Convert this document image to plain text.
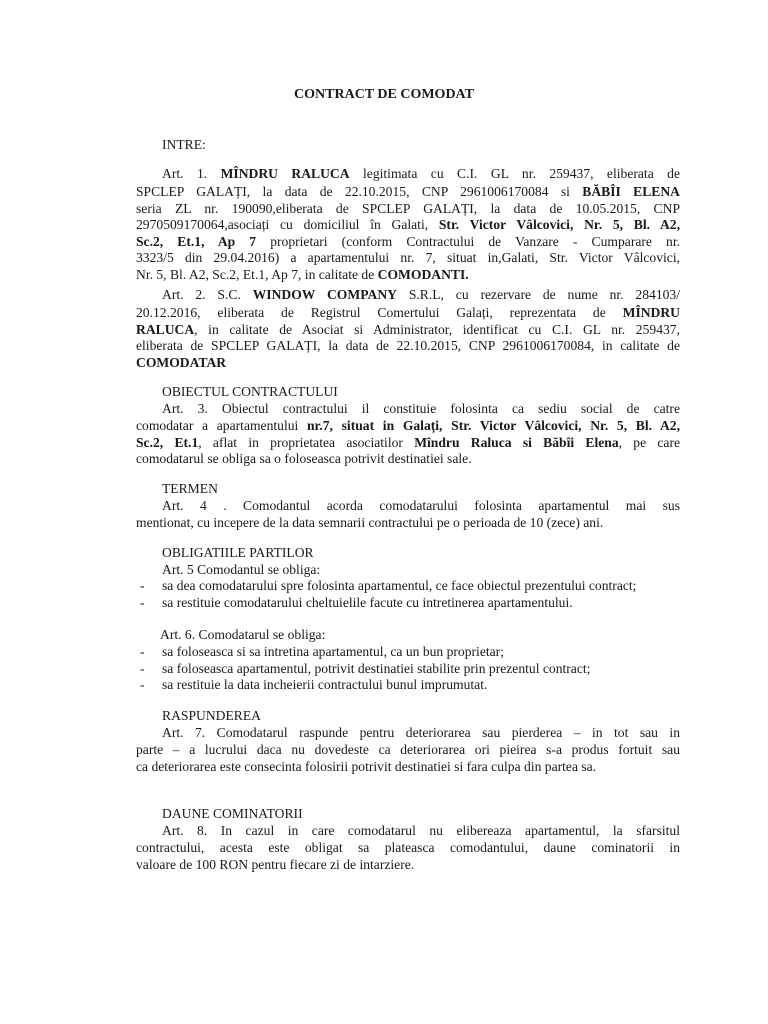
CONTRACT DE COMODAT
INTRE:
Art. 1. MÎNDRU RALUCA legitimata cu C.I. GL nr. 259437, eliberata de
SPCLEP GALAȚI, la data de 22.10.2015, CNP 2961006170084 si BĂBÎI ELENA
seria ZL nr. 190090,eliberata de SPCLEP GALAȚI, la data de 10.05.2015, CNP
2970509170064,asociați cu domiciliul în Galati, Str. Victor Vâlcovici, Nr. 5, Bl. A2,
Sc.2, Et.1, Ap 7 proprietari (conform Contractului de Vanzare - Cumparare nr.
3323/5 din 29.04.2016) a apartamentului nr. 7, situat in,Galati, Str. Victor Vâlcovici,
Nr. 5, Bl. A2, Sc.2, Et.1, Ap 7, in calitate de COMODANTI.
Art. 2. S.C. WINDOW COMPANY S.R.L, cu rezervare de nume nr. 284103/
20.12.2016, eliberata de Registrul Comertului Galați, reprezentata de MÎNDRU
RALUCA, in calitate de Asociat si Administrator, identificat cu C.I. GL nr. 259437,
eliberata de SPCLEP GALAȚI, la data de 22.10.2015, CNP 2961006170084, in calitate de
COMODATAR
OBIECTUL CONTRACTULUI
Art. 3. Obiectul contractului il constituie folosinta ca sediu social de catre
comodatar a apartamentului nr.7, situat in Galați, Str. Victor Vâlcovici, Nr. 5, Bl. A2,
Sc.2, Et.1, aflat in proprietatea asociatilor Mîndru Raluca si Băbîi Elena, pe care
comodatarul se obliga sa o foloseasca potrivit destinatiei sale.
TERMEN
Art. 4 . Comodantul acorda comodatarului folosinta apartamentul mai sus
mentionat, cu incepere de la data semnarii contractului pe o perioada de 10 (zece) ani.
OBLIGATIILE PARTILOR
Art. 5 Comodantul se obliga:
-	sa dea comodatarului spre folosinta apartamentul, ce face obiectul prezentului contract;
-	sa restituie comodatarului cheltuielile facute cu intretinerea apartamentului.
Art. 6. Comodatarul se obliga:
-	sa foloseasca si sa intretina apartamentul, ca un bun proprietar;
-	sa foloseasca apartamentul, potrivit destinatiei stabilite prin prezentul contract;
-	sa restituie la data incheierii contractului bunul imprumutat.
RASPUNDEREA
Art. 7. Comodatarul raspunde pentru deteriorarea sau pierderea – in tot sau in
parte – a lucrului daca nu dovedeste ca deteriorarea ori pieirea s-a produs fortuit sau
ca deteriorarea este consecinta folosirii potrivit destinatiei si fara culpa din partea sa.
DAUNE COMINATORII
Art. 8. In cazul in care comodatarul nu elibereaza apartamentul, la sfarsitul
contractului, acesta este obligat sa plateasca comodantului, daune cominatorii in
valoare de 100 RON pentru fiecare zi de intarziere.
